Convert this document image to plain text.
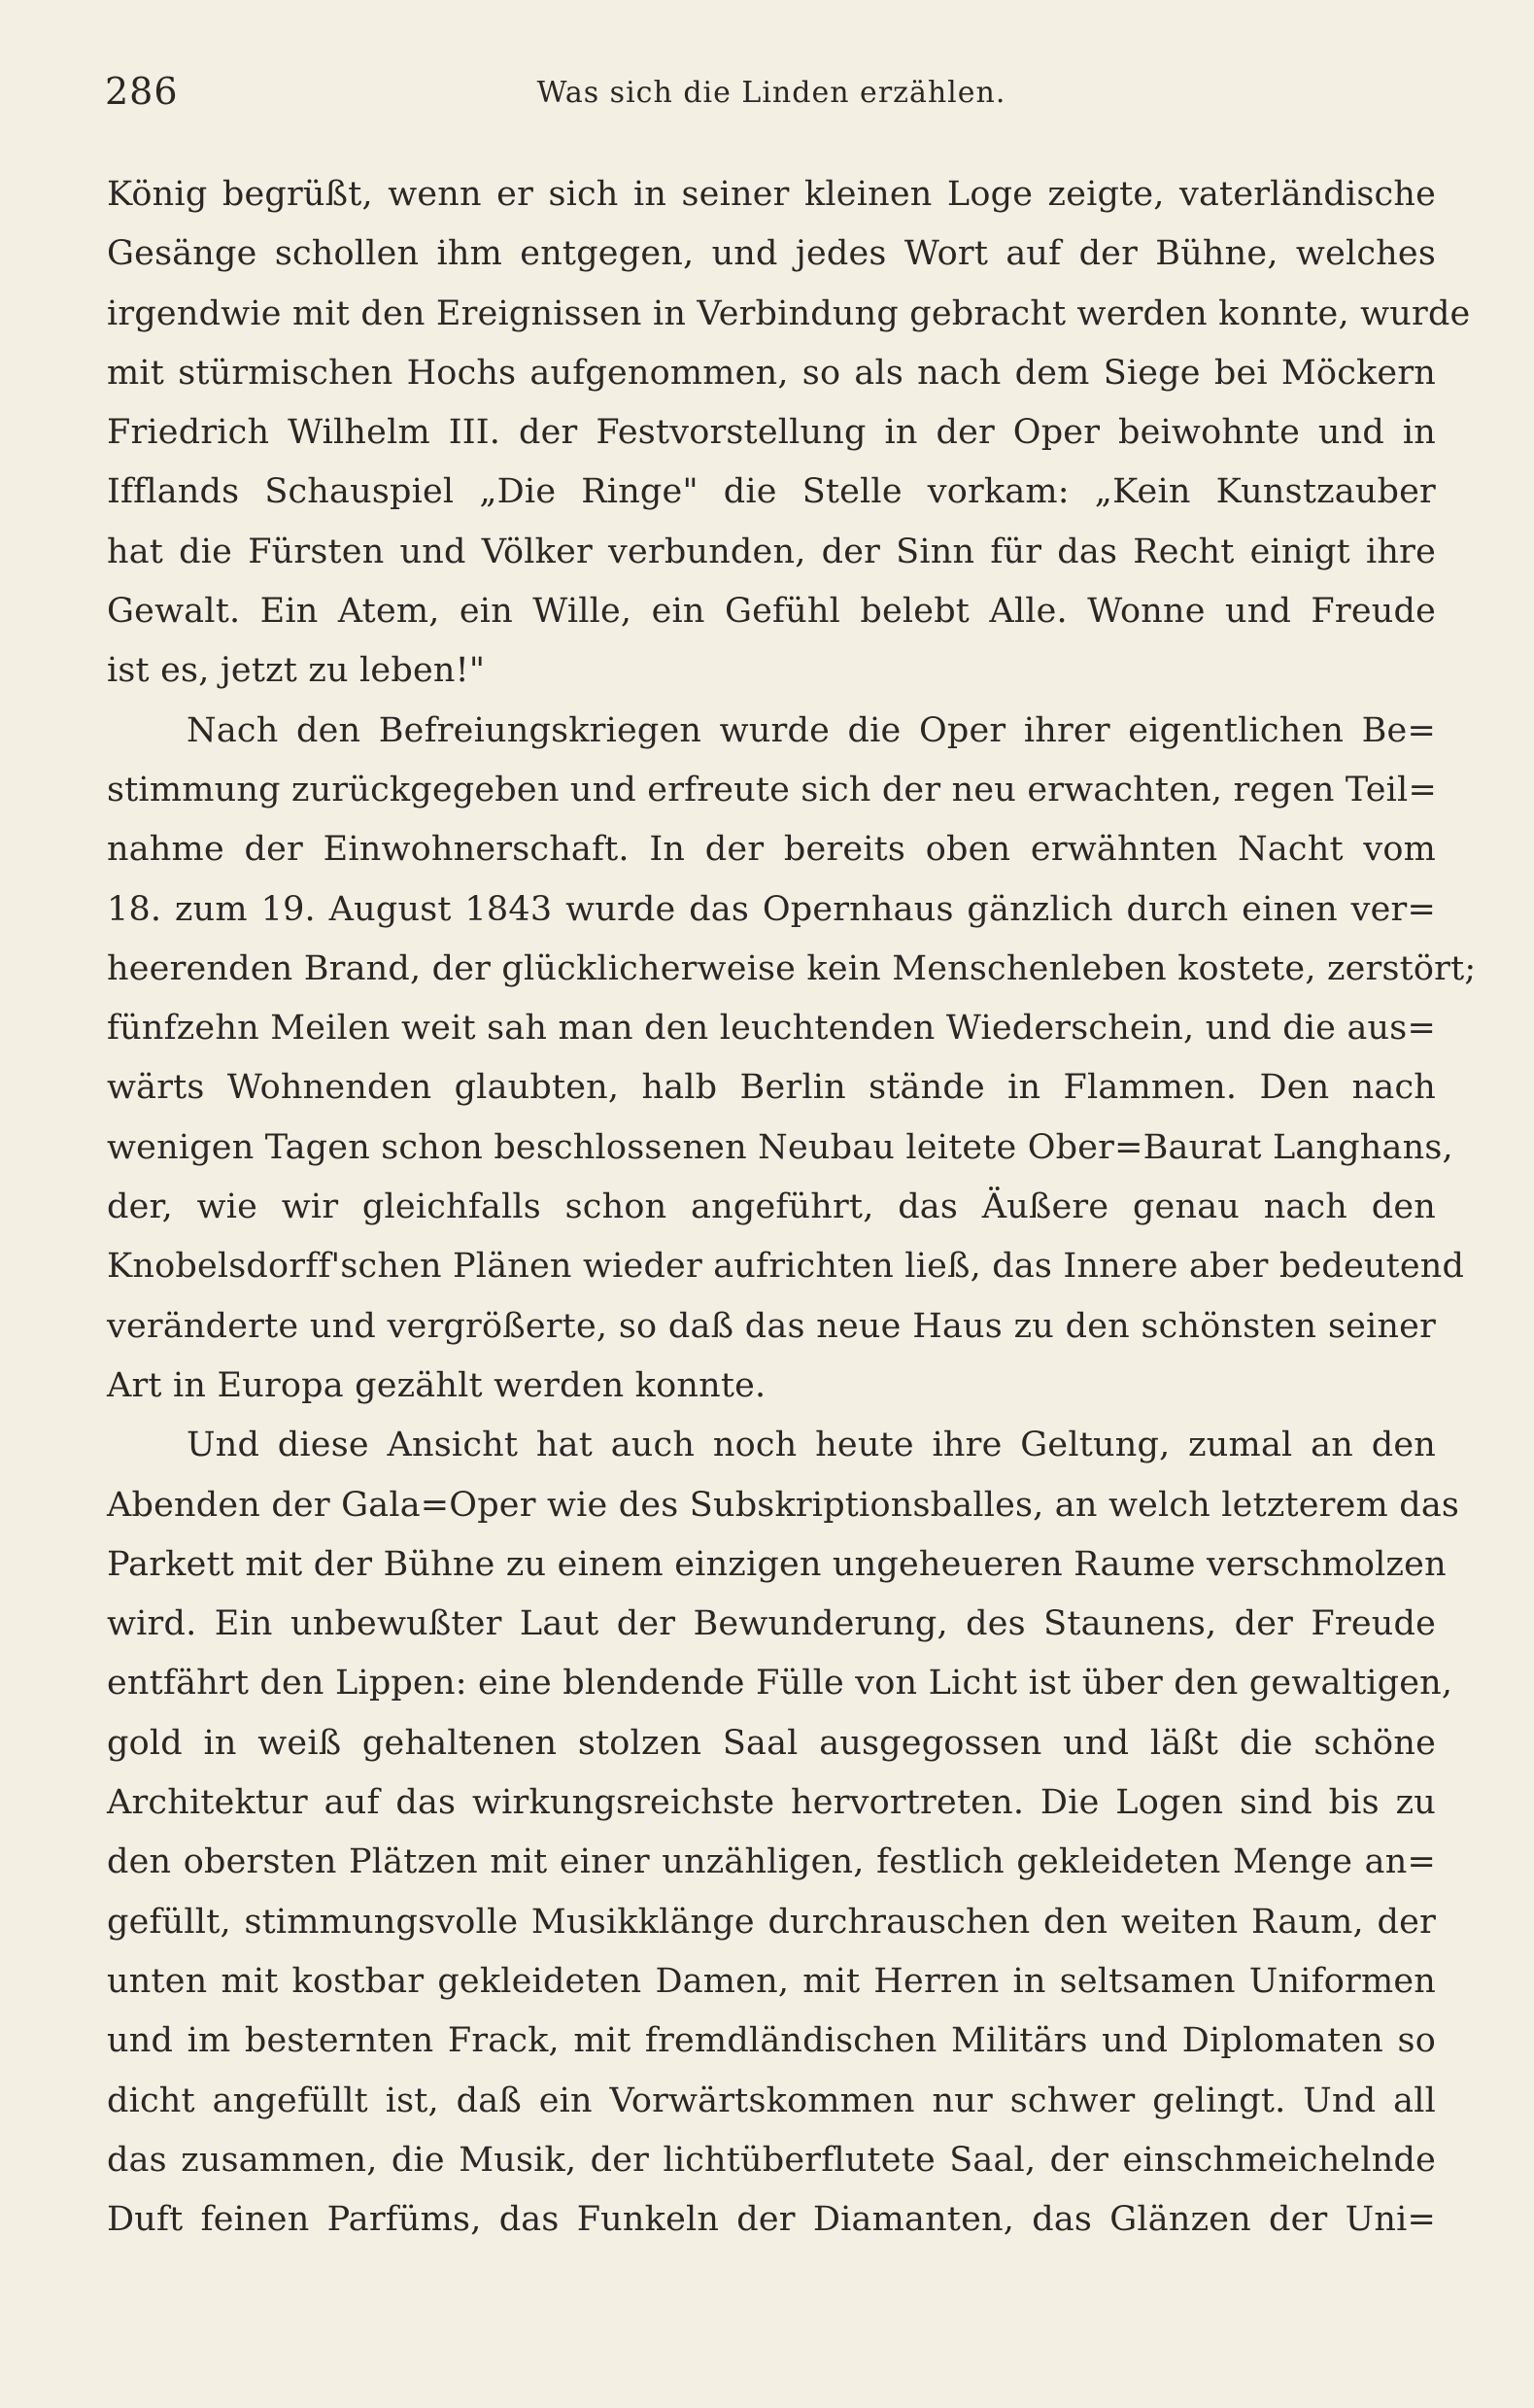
286	Was sich die Linden erzählen.
König begrüßt, wenn er sich in seiner kleinen Loge zeigte, vaterländische
Gesänge schollen ihm entgegen, und jedes Wort auf der Bühne, welches
irgendwie mit den Ereignissen in Verbindung gebracht werden konnte, wurde
mit stürmischen Hochs aufgenommen, so als nach dem Siege bei Möckern
Friedrich Wilhelm III. der Festvorstellung in der Oper beiwohnte und in
Ifflands Schauspiel „Die Ringe" die Stelle vorkam: „Kein Kunstzauber
hat die Fürsten und Völker verbunden, der Sinn für das Recht einigt ihre
Gewalt. Ein Atem, ein Wille, ein Gefühl belebt Alle. Wonne und Freude
ist es, jetzt zu leben!"
Nach den Befreiungskriegen wurde die Oper ihrer eigentlichen Be=
stimmung zurückgegeben und erfreute sich der neu erwachten, regen Teil=
nahme der Einwohnerschaft. In der bereits oben erwähnten Nacht vom
18. zum 19. August 1843 wurde das Opernhaus gänzlich durch einen ver=
heerenden Brand, der glücklicherweise kein Menschenleben kostete, zerstört;
fünfzehn Meilen weit sah man den leuchtenden Wiederschein, und die aus=
wärts Wohnenden glaubten, halb Berlin stände in Flammen. Den nach
wenigen Tagen schon beschlossenen Neubau leitete Ober=Baurat Langhans,
der, wie wir gleichfalls schon angeführt, das Äußere genau nach den
Knobelsdorff'schen Plänen wieder aufrichten ließ, das Innere aber bedeutend
veränderte und vergrößerte, so daß das neue Haus zu den schönsten seiner
Art in Europa gezählt werden konnte.
Und diese Ansicht hat auch noch heute ihre Geltung, zumal an den
Abenden der Gala=Oper wie des Subskriptionsballes, an welch letzterem das
Parkett mit der Bühne zu einem einzigen ungeheueren Raume verschmolzen
wird. Ein unbewußter Laut der Bewunderung, des Staunens, der Freude
entfährt den Lippen: eine blendende Fülle von Licht ist über den gewaltigen,
gold in weiß gehaltenen stolzen Saal ausgegossen und läßt die schöne
Architektur auf das wirkungsreichste hervortreten. Die Logen sind bis zu
den obersten Plätzen mit einer unzähligen, festlich gekleideten Menge an=
gefüllt, stimmungsvolle Musikklänge durchrauschen den weiten Raum, der
unten mit kostbar gekleideten Damen, mit Herren in seltsamen Uniformen
und im besternten Frack, mit fremdländischen Militärs und Diplomaten so
dicht angefüllt ist, daß ein Vorwärtskommen nur schwer gelingt. Und all
das zusammen, die Musik, der lichtüberflutete Saal, der einschmeichelnde
Duft feinen Parfüms, das Funkeln der Diamanten, das Glänzen der Uni=
